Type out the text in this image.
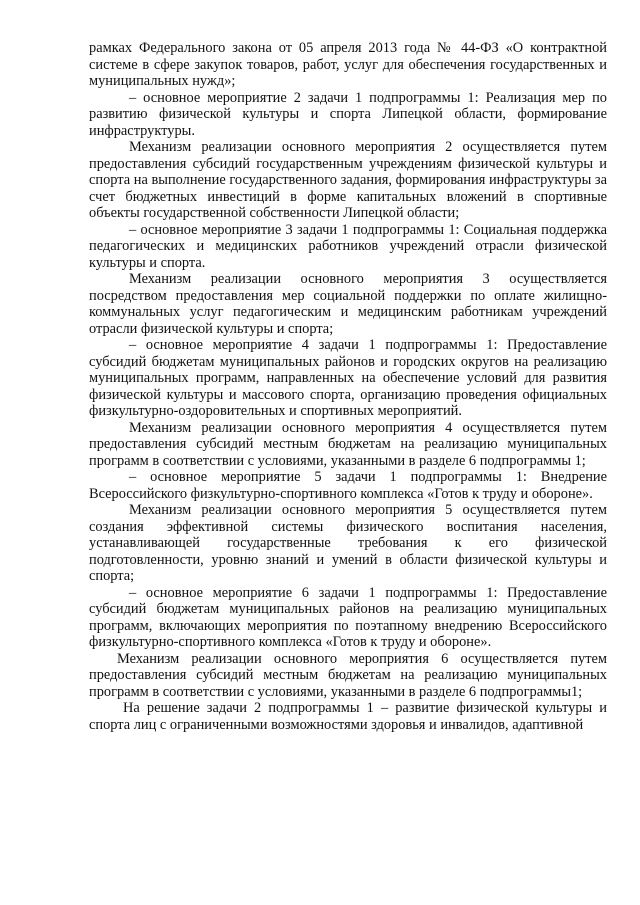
рамках Федерального закона от 05 апреля 2013 года № 44-ФЗ «О контрактной системе в сфере закупок товаров, работ, услуг для обеспечения государственных и муниципальных нужд»;

– основное мероприятие 2 задачи 1 подпрограммы 1: Реализация мер по развитию физической культуры и спорта Липецкой области, формирование инфраструктуры.

Механизм реализации основного мероприятия 2 осуществляется путем предоставления субсидий государственным учреждениям физической культуры и спорта на выполнение государственного задания, формирования инфраструктуры за счет бюджетных инвестиций в форме капитальных вложений в спортивные объекты государственной собственности Липецкой области;

– основное мероприятие 3 задачи 1 подпрограммы 1: Социальная поддержка педагогических и медицинских работников учреждений отрасли физической культуры и спорта.

Механизм реализации основного мероприятия 3 осуществляется посредством предоставления мер социальной поддержки по оплате жилищно-коммунальных услуг педагогическим и медицинским работникам учреждений отрасли физической культуры и спорта;

– основное мероприятие 4 задачи 1 подпрограммы 1: Предоставление субсидий бюджетам муниципальных районов и городских округов на реализацию муниципальных программ, направленных на обеспечение условий для развития физической культуры и массового спорта, организацию проведения официальных физкультурно-оздоровительных и спортивных мероприятий.

Механизм реализации основного мероприятия 4 осуществляется путем предоставления субсидий местным бюджетам на реализацию муниципальных программ в соответствии с условиями, указанными в разделе 6 подпрограммы 1;

– основное мероприятие 5 задачи 1 подпрограммы 1: Внедрение Всероссийского физкультурно-спортивного комплекса «Готов к труду и обороне».

Механизм реализации основного мероприятия 5 осуществляется путем создания эффективной системы физического воспитания населения, устанавливающей государственные требования к его физической подготовленности, уровню знаний и умений в области физической культуры и спорта;

– основное мероприятие 6 задачи 1 подпрограммы 1: Предоставление субсидий бюджетам муниципальных районов на реализацию муниципальных программ, включающих мероприятия по поэтапному внедрению Всероссийского физкультурно-спортивного комплекса «Готов к труду и обороне».

Механизм реализации основного мероприятия 6 осуществляется путем предоставления субсидий местным бюджетам на реализацию муниципальных программ в соответствии с условиями, указанными в разделе 6 подпрограммы1;

На решение задачи 2 подпрограммы 1 – развитие физической культуры и спорта лиц с ограниченными возможностями здоровья и инвалидов, адаптивной
